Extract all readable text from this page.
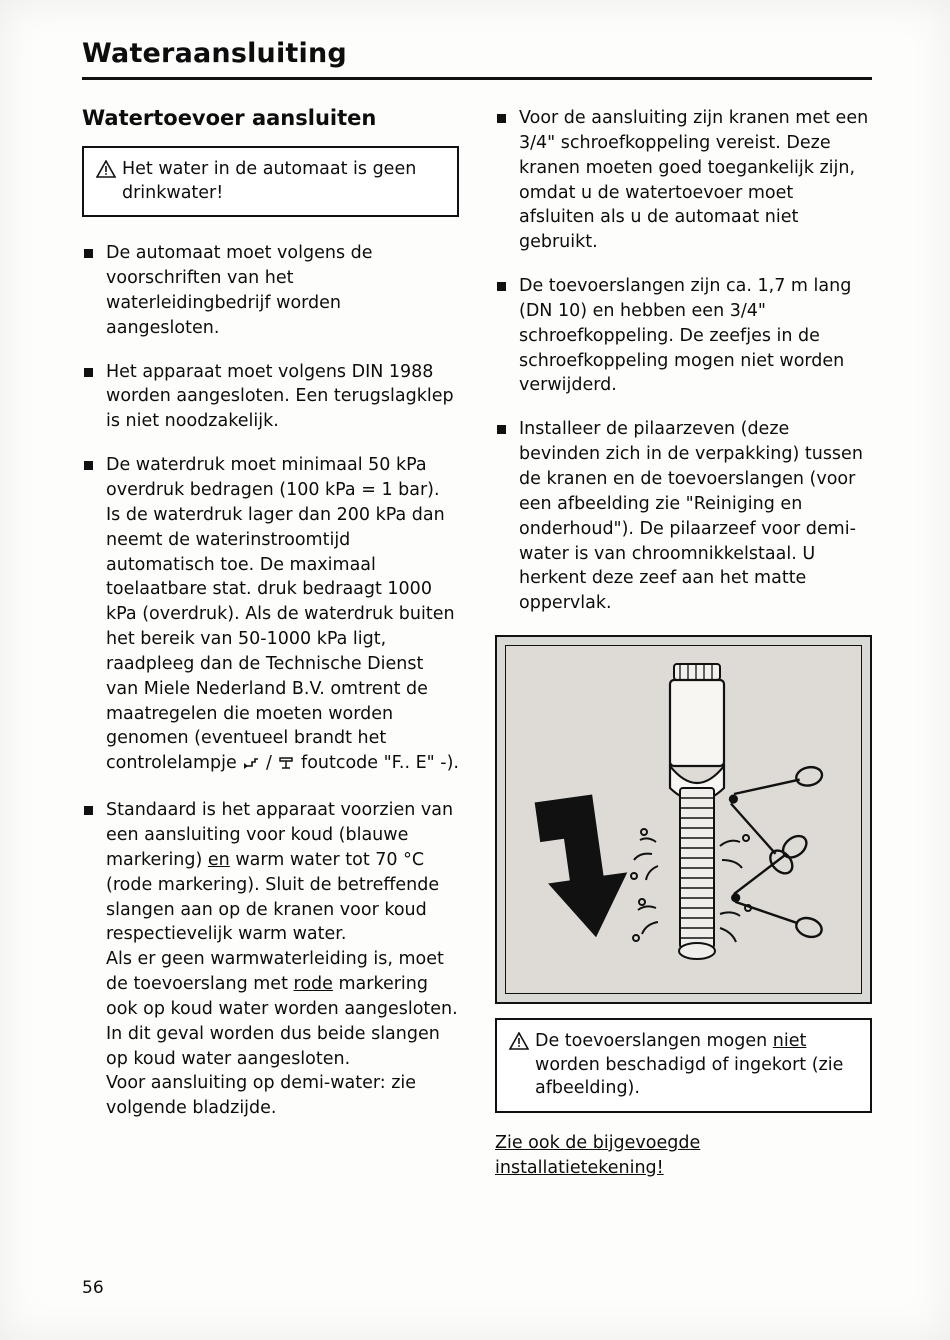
Wateraansluiting
Watertoevoer aansluiten
Het water in de automaat is geen drinkwater!
De automaat moet volgens de voorschriften van het waterleidingbedrijf worden aangesloten.
Het apparaat moet volgens DIN 1988 worden aangesloten. Een terugslagklep is niet noodzakelijk.
De waterdruk moet minimaal 50 kPa overdruk bedragen (100 kPa = 1 bar). Is de waterdruk lager dan 200 kPa dan neemt de waterinstroomtijd automatisch toe. De maximaal toelaatbare stat. druk bedraagt 1000 kPa (overdruk). Als de waterdruk buiten het bereik van 50-1000 kPa ligt, raadpleeg dan de Technische Dienst van Miele Nederland B.V. omtrent de maatregelen die moeten worden genomen (eventueel brandt het controlelampje / foutcode "F.. E" -).
Standaard is het apparaat voorzien van een aansluiting voor koud (blauwe markering) en warm water tot 70 °C (rode markering). Sluit de betreffende slangen aan op de kranen voor koud respectievelijk warm water.
Als er geen warmwaterleiding is, moet de toevoerslang met rode markering ook op koud water worden aangesloten. In dit geval worden dus beide slangen op koud water aangesloten.
Voor aansluiting op demi-water: zie volgende bladzijde.
Voor de aansluiting zijn kranen met een 3/4" schroefkoppeling vereist. Deze kranen moeten goed toegankelijk zijn, omdat u de watertoevoer moet afsluiten als u de automaat niet gebruikt.
De toevoerslangen zijn ca. 1,7 m lang (DN 10) en hebben een 3/4" schroefkoppeling. De zeefjes in de schroefkoppeling mogen niet worden verwijderd.
Installeer de pilaarzeven (deze bevinden zich in de verpakking) tussen de kranen en de toevoerslangen (voor een afbeelding zie "Reiniging en onderhoud"). De pilaarzeef voor demi-water is van chroomnikkelstaal. U herkent deze zeef aan het matte oppervlak.
De toevoerslangen mogen niet worden beschadigd of ingekort (zie afbeelding).
Zie ook de bijgevoegde installatietekening!
56
